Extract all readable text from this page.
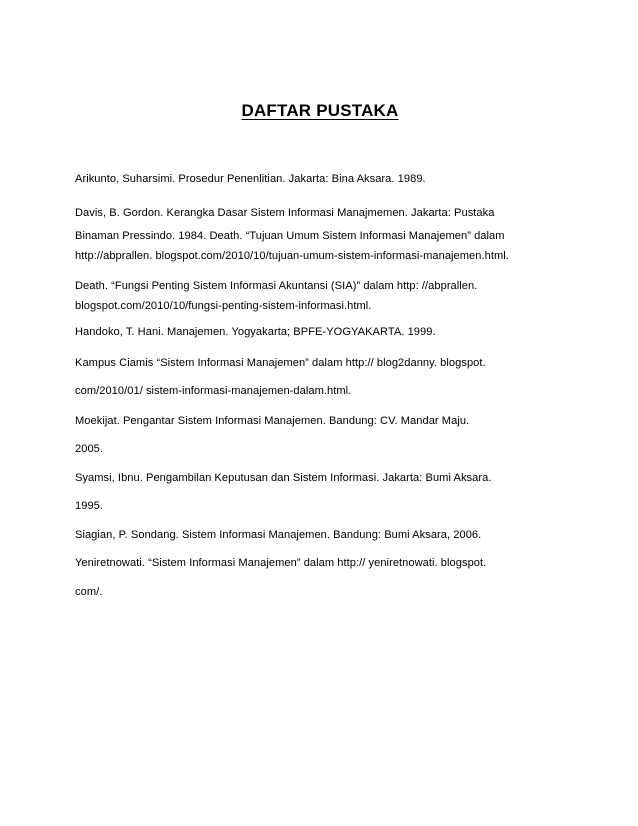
DAFTAR PUSTAKA
Arikunto, Suharsimi. Prosedur Penenlitian. Jakarta: Bina Aksara. 1989.
Davis, B. Gordon. Kerangka Dasar Sistem Informasi Manajmemen. Jakarta: Pustaka
Binaman Pressindo. 1984. Death. “Tujuan Umum Sistem Informasi Manajemen” dalam
http://abprallen. blogspot.com/2010/10/tujuan-umum-sistem-informasi-manajemen.html.
Death. “Fungsi Penting Sistem Informasi Akuntansi (SIA)” dalam http: //abprallen.
blogspot.com/2010/10/fungsi-penting-sistem-informasi.html.
Handoko, T. Hani. Manajemen. Yogyakarta; BPFE-YOGYAKARTA. 1999.
Kampus Ciamis “Sistem Informasi Manajemen” dalam http:// blog2danny. blogspot.
com/2010/01/ sistem-informasi-manajemen-dalam.html.
Moekijat. Pengantar Sistem Informasi Manajemen. Bandung: CV. Mandar Maju.
2005.
Syamsi, Ibnu. Pengambilan Keputusan dan Sistem Informasi. Jakarta: Bumi Aksara.
1995.
Siagian, P. Sondang. Sistem Informasi Manajemen. Bandung: Bumi Aksara, 2006.
Yeniretnowati. “Sistem Informasi Manajemen” dalam http:// yeniretnowati. blogspot.
com/.
